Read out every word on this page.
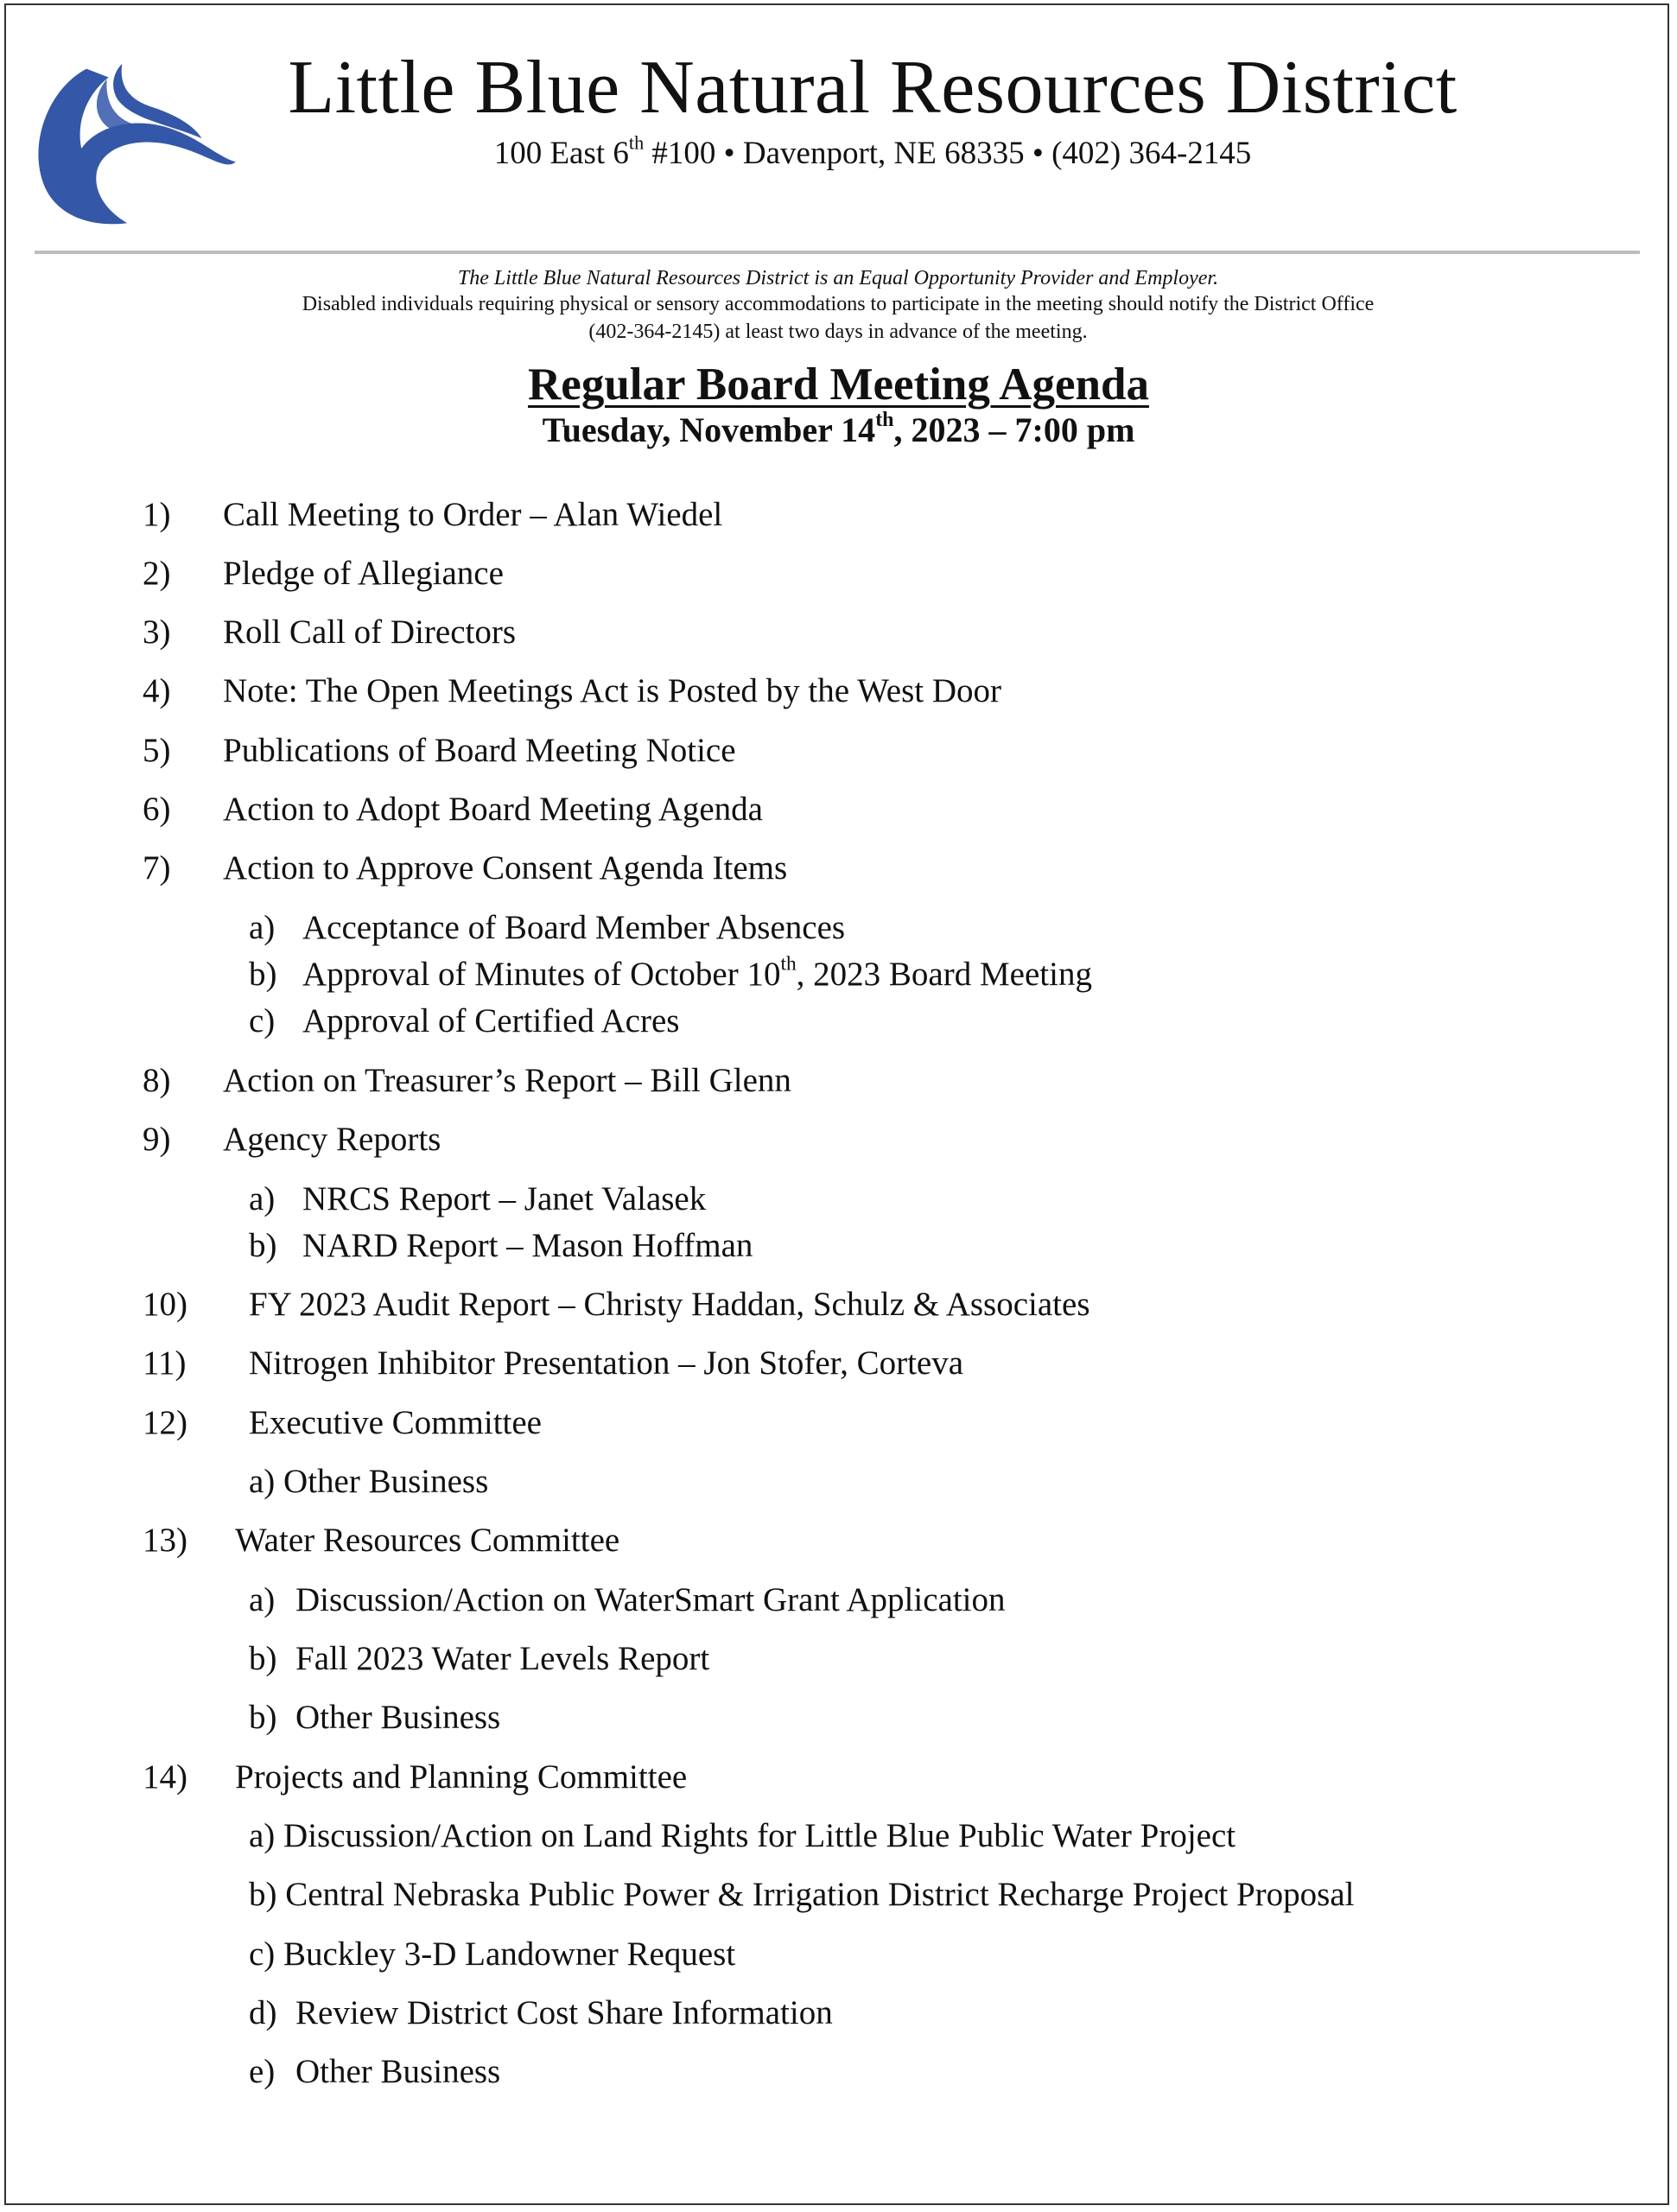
Little Blue Natural Resources District
100 East 6th #100 • Davenport, NE 68335 • (402) 364-2145
The Little Blue Natural Resources District is an Equal Opportunity Provider and Employer.
Disabled individuals requiring physical or sensory accommodations to participate in the meeting should notify the District Office
(402-364-2145) at least two days in advance of the meeting.
Regular Board Meeting Agenda
Tuesday, November 14th, 2023 – 7:00 pm
1)	Call Meeting to Order – Alan Wiedel
2)	Pledge of Allegiance
3)	Roll Call of Directors
4)	Note: The Open Meetings Act is Posted by the West Door
5)	Publications of Board Meeting Notice
6)	Action to Adopt Board Meeting Agenda
7)	Action to Approve Consent Agenda Items
a) Acceptance of Board Member Absences
b) Approval of Minutes of October 10th, 2023 Board Meeting
c) Approval of Certified Acres
8)	Action on Treasurer’s Report – Bill Glenn
9)	Agency Reports
a) NRCS Report – Janet Valasek
b) NARD Report – Mason Hoffman
10)	FY 2023 Audit Report – Christy Haddan, Schulz & Associates
11)	Nitrogen Inhibitor Presentation – Jon Stofer, Corteva
12)	Executive Committee
a) Other Business
13)	Water Resources Committee
a) Discussion/Action on WaterSmart Grant Application
b) Fall 2023 Water Levels Report
b) Other Business
14)	Projects and Planning Committee
a) Discussion/Action on Land Rights for Little Blue Public Water Project
b) Central Nebraska Public Power & Irrigation District Recharge Project Proposal
c) Buckley 3-D Landowner Request
d) Review District Cost Share Information
e) Other Business
